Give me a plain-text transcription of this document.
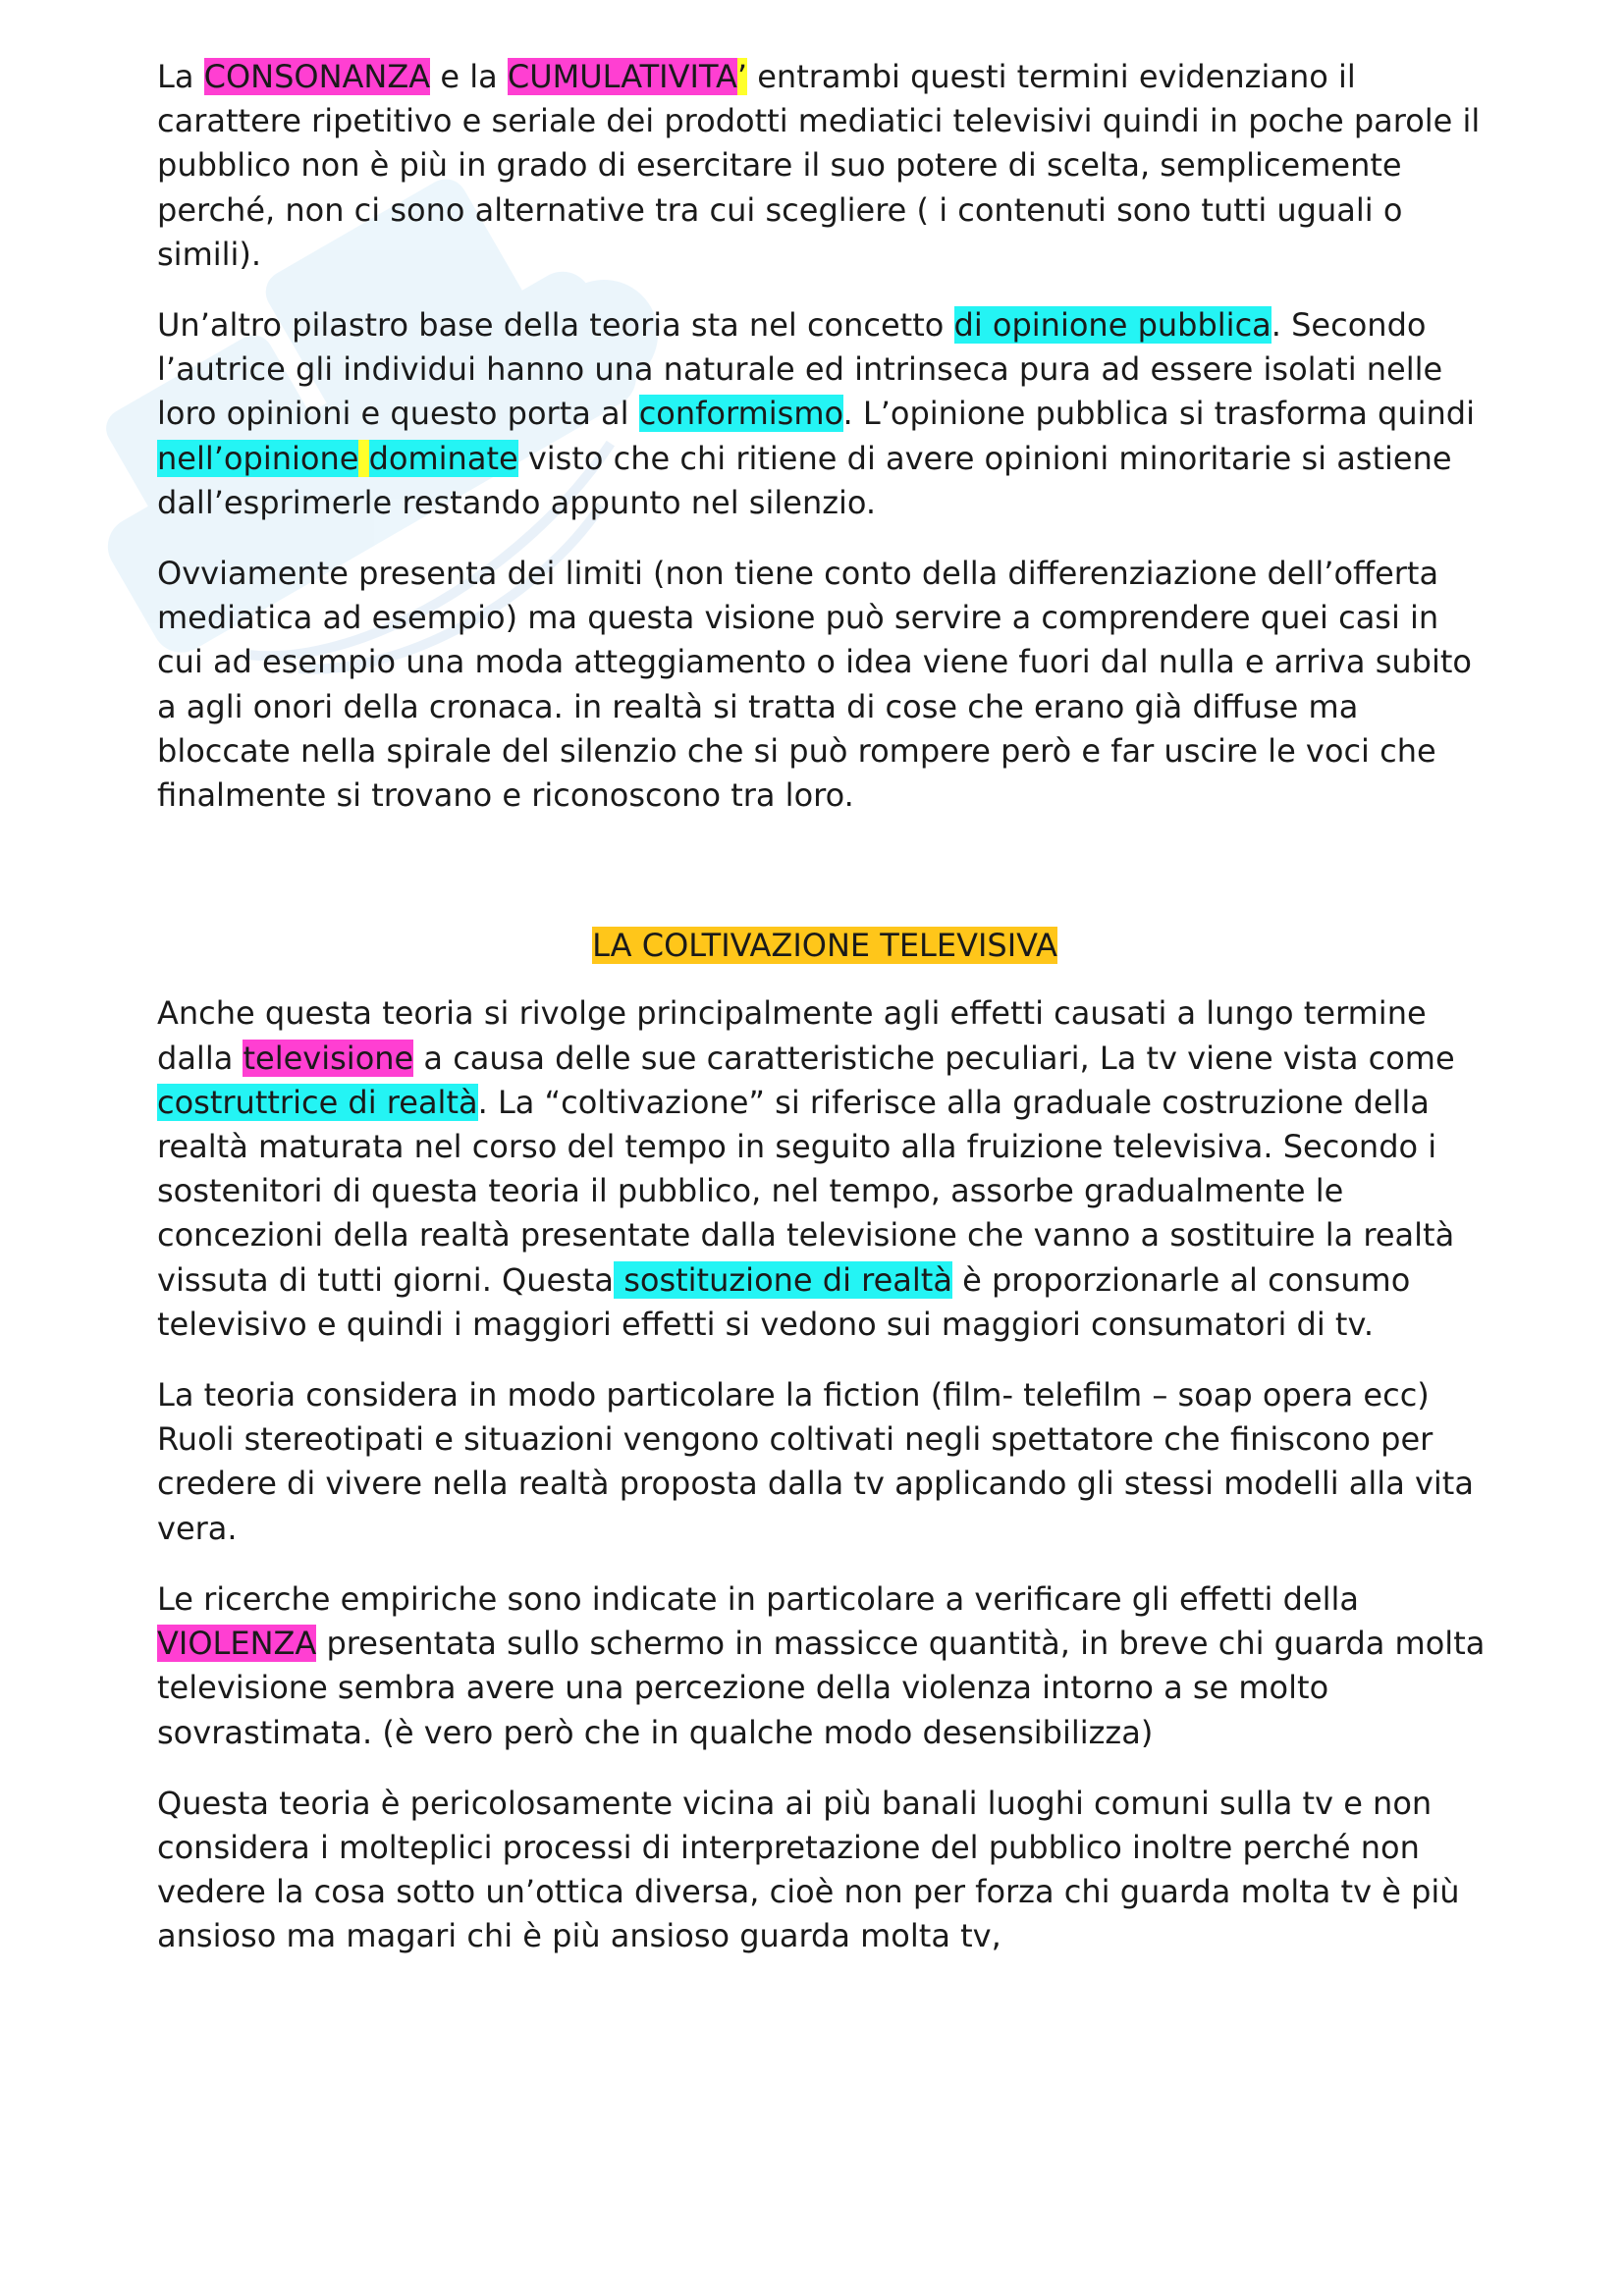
La CONSONANZA e la CUMULATIVITA’ entrambi questi termini evidenziano il carattere ripetitivo e seriale dei prodotti mediatici televisivi quindi in poche parole il pubblico non è più in grado di esercitare il suo potere di scelta, semplicemente perché, non ci sono alternative tra cui scegliere ( i contenuti sono tutti uguali o simili).

Un’altro pilastro base della teoria sta nel concetto di opinione pubblica. Secondo l’autrice gli individui hanno una naturale ed intrinseca pura ad essere isolati nelle loro opinioni e questo porta al conformismo. L’opinione pubblica si trasforma quindi nell’opinione dominate visto che chi ritiene di avere opinioni minoritarie si astiene dall’esprimerle restando appunto nel silenzio.

Ovviamente presenta dei limiti (non tiene conto della differenziazione dell’offerta mediatica ad esempio) ma questa visione può servire a comprendere quei casi in cui ad esempio una moda atteggiamento o idea viene fuori dal nulla e arriva subito a agli onori della cronaca. in realtà si tratta di cose che erano già diffuse ma bloccate nella spirale del silenzio che si può rompere però e far uscire le voci che finalmente si trovano e riconoscono tra loro.

LA COLTIVAZIONE TELEVISIVA

Anche questa teoria si rivolge principalmente agli effetti causati a lungo termine dalla televisione a causa delle sue caratteristiche peculiari, La tv viene vista come costruttrice di realtà. La “coltivazione” si riferisce alla graduale costruzione della realtà maturata nel corso del tempo in seguito alla fruizione televisiva. Secondo i sostenitori di questa teoria il pubblico, nel tempo, assorbe gradualmente le concezioni della realtà presentate dalla televisione che vanno a sostituire la realtà vissuta di tutti giorni. Questa sostituzione di realtà è proporzionarle al consumo televisivo e quindi i maggiori effetti si vedono sui maggiori consumatori di tv.

La teoria considera in modo particolare la fiction (film- telefilm – soap opera ecc) Ruoli stereotipati e situazioni vengono coltivati negli spettatore che finiscono per credere di vivere nella realtà proposta dalla tv applicando gli stessi modelli alla vita vera.

Le ricerche empiriche sono indicate in particolare a verificare gli effetti della VIOLENZA presentata sullo schermo in massicce quantità, in breve chi guarda molta televisione sembra avere una percezione della violenza intorno a se molto sovrastimata. (è vero però che in qualche modo desensibilizza)

Questa teoria è pericolosamente vicina ai più banali luoghi comuni sulla tv e non considera i molteplici processi di interpretazione del pubblico inoltre perché non vedere la cosa sotto un’ottica diversa, cioè non per forza chi guarda molta tv è più ansioso ma magari chi è più ansioso guarda molta tv,
